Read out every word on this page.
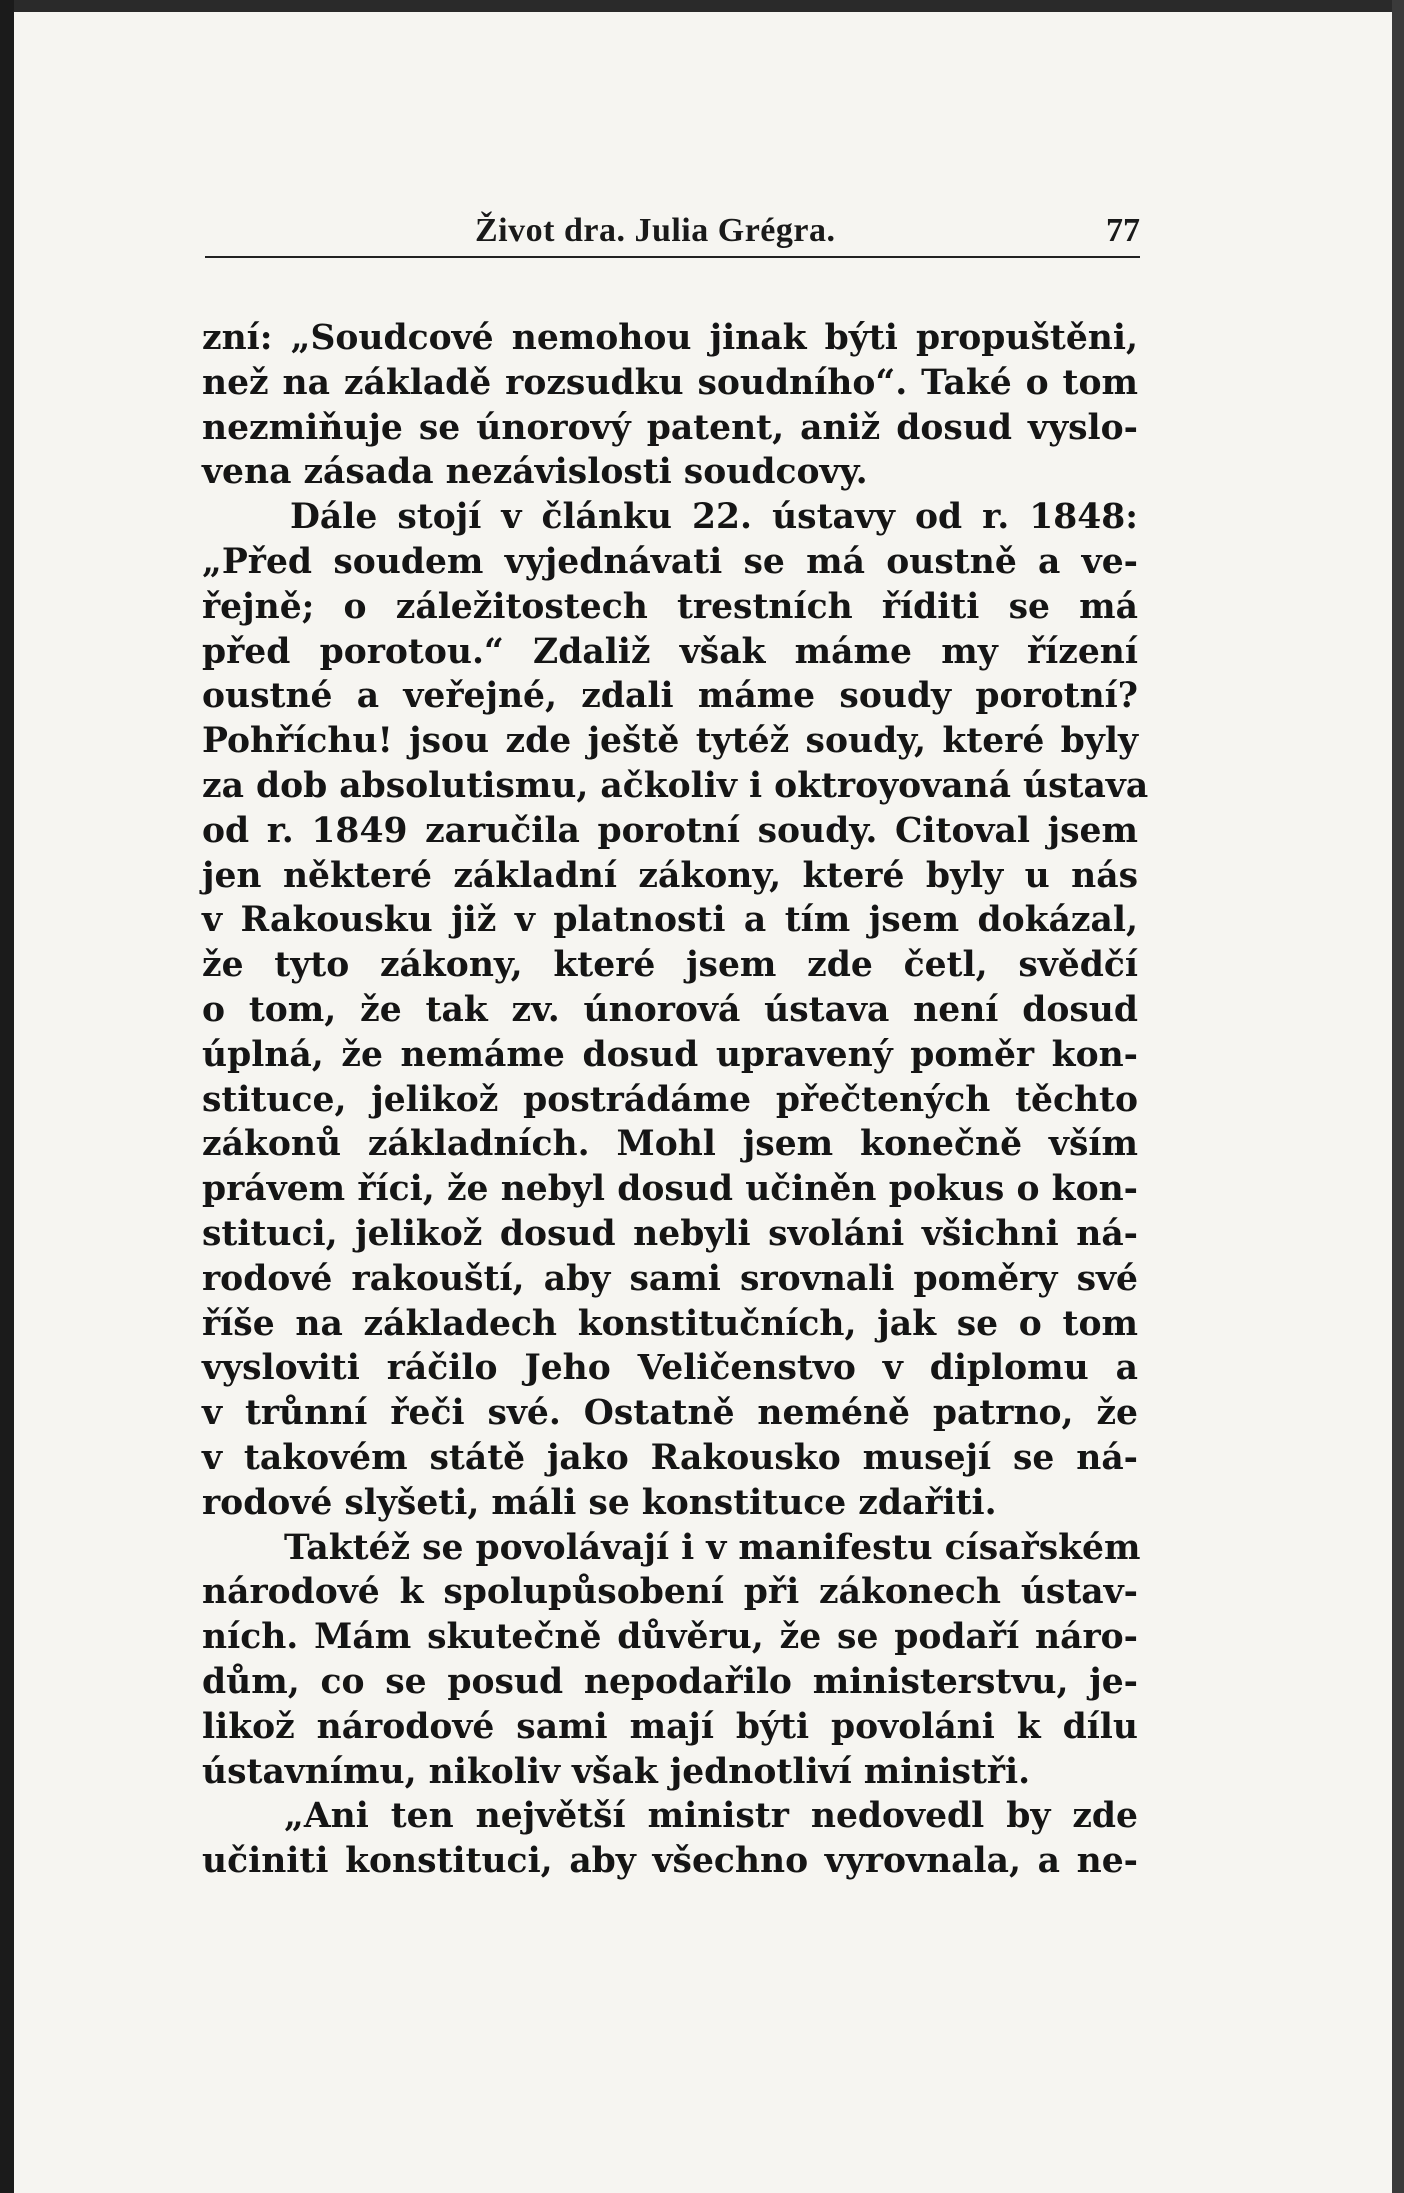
Život dra. Julia Grégra.	77
zní: „Soudcové nemohou jinak býti propuštěni,
než na základě rozsudku soudního“. Také o tom
nezmiňuje se únorový patent, aniž dosud vyslo-
vena zásada nezávislosti soudcovy.
Dále stojí v článku 22. ústavy od r. 1848:
„Před soudem vyjednávati se má oustně a ve-
řejně; o záležitostech trestních říditi se má
před porotou.“ Zdaliž však máme my řízení
oustné a veřejné, zdali máme soudy porotní?
Pohříchu! jsou zde ještě tytéž soudy, které byly
za dob absolutismu, ačkoliv i oktroyovaná ústava
od r. 1849 zaručila porotní soudy. Citoval jsem
jen některé základní zákony, které byly u nás
v Rakousku již v platnosti a tím jsem dokázal,
že tyto zákony, které jsem zde četl, svědčí
o tom, že tak zv. únorová ústava není dosud
úplná, že nemáme dosud upravený poměr kon-
stituce, jelikož postrádáme přečtených těchto
zákonů základních. Mohl jsem konečně vším
právem říci, že nebyl dosud učiněn pokus o kon-
stituci, jelikož dosud nebyli svoláni všichni ná-
rodové rakouští, aby sami srovnali poměry své
říše na základech konstitučních, jak se o tom
vysloviti ráčilo Jeho Veličenstvo v diplomu a
v trůnní řeči své. Ostatně neméně patrno, že
v takovém státě jako Rakousko musejí se ná-
rodové slyšeti, máli se konstituce zdařiti.
Taktéž se povolávají i v manifestu císařském
národové k spolupůsobení při zákonech ústav-
ních. Mám skutečně důvěru, že se podaří náro-
dům, co se posud nepodařilo ministerstvu, je-
likož národové sami mají býti povoláni k dílu
ústavnímu, nikoliv však jednotliví ministři.
„Ani ten největší ministr nedovedl by zde
učiniti konstituci, aby všechno vyrovnala, a ne-
